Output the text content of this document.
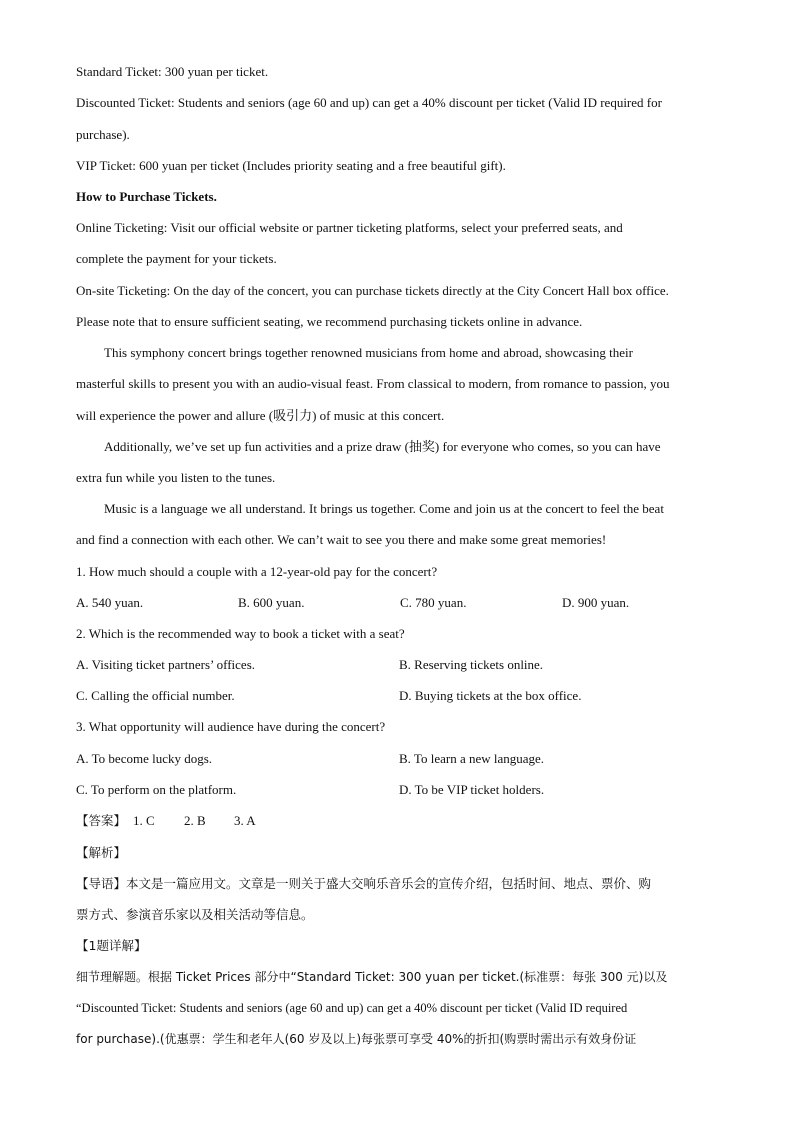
Standard Ticket: 300 yuan per ticket.
Discounted Ticket: Students and seniors (age 60 and up) can get a 40% discount per ticket (Valid ID required for
purchase).
VIP Ticket: 600 yuan per ticket (Includes priority seating and a free beautiful gift).
How to Purchase Tickets.
Online Ticketing: Visit our official website or partner ticketing platforms, select your preferred seats, and
complete the payment for your tickets.
On-site Ticketing: On the day of the concert, you can purchase tickets directly at the City Concert Hall box office.
Please note that to ensure sufficient seating, we recommend purchasing tickets online in advance.
This symphony concert brings together renowned musicians from home and abroad, showcasing their
masterful skills to present you with an audio-visual feast. From classical to modern, from romance to passion, you
will experience the power and allure (吸引力) of music at this concert.
Additionally, we’ve set up fun activities and a prize draw (抽奖) for everyone who comes, so you can have
extra fun while you listen to the tunes.
Music is a language we all understand. It brings us together. Come and join us at the concert to feel the beat
and find a connection with each other. We can’t wait to see you there and make some great memories!
1. How much should a couple with a 12-year-old pay for the concert?
A. 540 yuan.	B. 600 yuan.	C. 780 yuan.	D. 900 yuan.
2. Which is the recommended way to book a ticket with a seat?
A. Visiting ticket partners’ offices.	B. Reserving tickets online.
C. Calling the official number.	D. Buying tickets at the box office.
3. What opportunity will audience have during the concert?
A. To become lucky dogs.	B. To learn a new language.
C. To perform on the platform.	D. To be VIP ticket holders.
【答案】 1. C 2. B 3. A
【解析】
【导语】本文是一篇应用文。文章是一则关于盛大交响乐音乐会的宣传介绍，包括时间、地点、票价、购
票方式、参演音乐家以及相关活动等信息。
【1题详解】
细节理解题。根据 Ticket Prices 部分中“Standard Ticket: 300 yuan per ticket.(标准票：每张 300 元)以及
“Discounted Ticket: Students and seniors (age 60 and up) can get a 40% discount per ticket (Valid ID required
for purchase).(优惠票：学生和老年人(60 岁及以上)每张票可享受 40%的折扣(购票时需出示有效身份证
